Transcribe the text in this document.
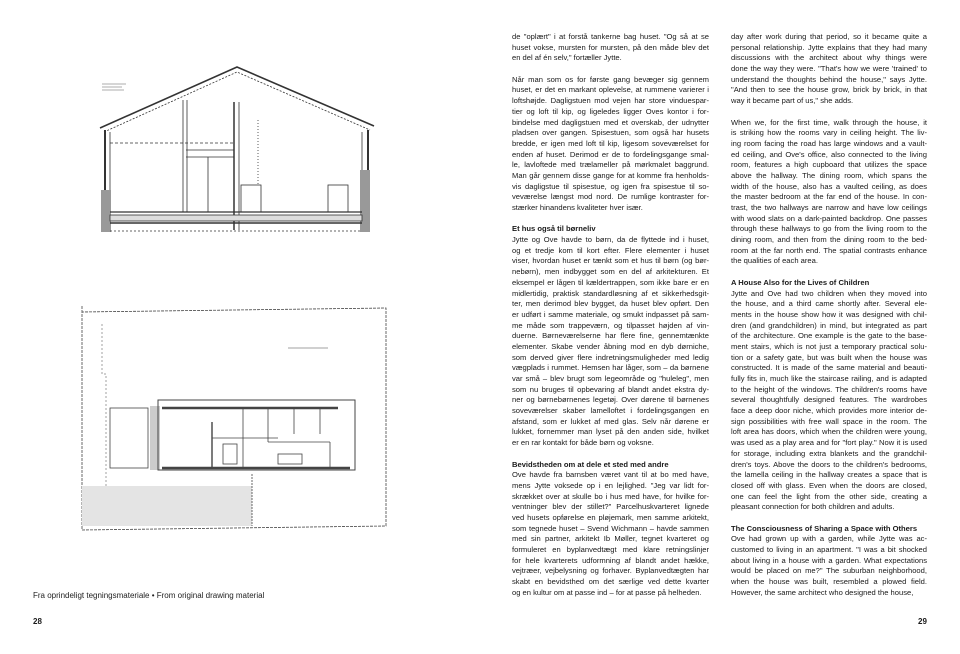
Fra oprindeligt tegningsmateriale • From original drawing material
28
de "oplært" i at forstå tankerne bag huset. "Og så at se
huset vokse, mursten for mursten, på den måde blev det
en del af én selv," fortæller Jytte.
Når man som os for første gang bevæger sig gennem
huset, er det en markant oplevelse, at rummene varierer i
loftshøjde. Dagligstuen mod vejen har store vinduespar-
tier og loft til kip, og ligeledes ligger Oves kontor i for-
bindelse med dagligstuen med et overskab, der udnytter
pladsen over gangen. Spisestuen, som også har husets
bredde, er igen med loft til kip, ligesom soveværelset for
enden af huset. Derimod er de to fordelingsgange smal-
le, lavloftede med trælameller på mørkmalet baggrund.
Man går gennem disse gange for at komme fra henholds-
vis dagligstue til spisestue, og igen fra spisestue til so-
veværelse længst mod nord. De rumlige kontraster for-
stærker hinandens kvaliteter hver især.
Et hus også til børneliv
Jytte og Ove havde to børn, da de flyttede ind i huset,
og et tredje kom til kort efter. Flere elementer i huset
viser, hvordan huset er tænkt som et hus til børn (og bør-
nebørn), men indbygget som en del af arkitekturen. Et
eksempel er lågen til kældertrappen, som ikke bare er en
midlertidig, praktisk standardløsning af et sikkerhedsgit-
ter, men derimod blev bygget, da huset blev opført. Den
er udført i samme materiale, og smukt indpasset på sam-
me måde som trappeværn, og tilpasset højden af vin-
duerne. Børneværelserne har flere fine, gennemtænkte
elementer. Skabe vender åbning mod en dyb dørniche,
som derved giver flere indretningsmuligheder med ledig
vægplads i rummet. Hemsen har låger, som – da børnene
var små – blev brugt som legeområde og "huleleg", men
som nu bruges til opbevaring af blandt andet ekstra dy-
ner og børnebørnenes legetøj. Over dørene til børnenes
soveværelser skaber lamelloftet i fordelingsgangen en
afstand, som er lukket af med glas. Selv når dørene er
lukket, fornemmer man lyset på den anden side, hvilket
er en rar kontakt for både børn og voksne.
Bevidstheden om at dele et sted med andre
Ove havde fra barnsben været vant til at bo med have,
mens Jytte voksede op i en lejlighed. "Jeg var lidt for-
skrækket over at skulle bo i hus med have, for hvilke for-
ventninger blev der stillet?" Parcelhuskvarteret lignede
ved husets opførelse en pløjemark, men samme arkitekt,
som tegnede huset – Svend Wichmann – havde sammen
med sin partner, arkitekt Ib Møller, tegnet kvarteret og
formuleret en byplanvedtægt med klare retningslinjer
for hele kvarterets udformning af blandt andet hække,
vejtræer, vejbelysning og forhaver. Byplanvedtægten har
skabt en bevidsthed om det særlige ved dette kvarter
og en kultur om at passe ind – for at passe på helheden.
day after work during that period, so it became quite a
personal relationship. Jytte explains that they had many
discussions with the architect about why things were
done the way they were. "That's how we were 'trained' to
understand the thoughts behind the house," says Jytte.
"And then to see the house grow, brick by brick, in that
way it became part of us," she adds.
When we, for the first time, walk through the house, it
is striking how the rooms vary in ceiling height. The liv-
ing room facing the road has large windows and a vault-
ed ceiling, and Ove's office, also connected to the living
room, features a high cupboard that utilizes the space
above the hallway. The dining room, which spans the
width of the house, also has a vaulted ceiling, as does
the master bedroom at the far end of the house. In con-
trast, the two hallways are narrow and have low ceilings
with wood slats on a dark-painted backdrop. One passes
through these hallways to go from the living room to the
dining room, and then from the dining room to the bed-
room at the far north end. The spatial contrasts enhance
the qualities of each area.
A House Also for the Lives of Children
Jytte and Ove had two children when they moved into
the house, and a third came shortly after. Several ele-
ments in the house show how it was designed with chil-
dren (and grandchildren) in mind, but integrated as part
of the architecture. One example is the gate to the base-
ment stairs, which is not just a temporary practical solu-
tion or a safety gate, but was built when the house was
constructed. It is made of the same material and beauti-
fully fits in, much like the staircase railing, and is adapted
to the height of the windows. The children's rooms have
several thoughtfully designed features. The wardrobes
face a deep door niche, which provides more interior de-
sign possibilities with free wall space in the room. The
loft area has doors, which when the children were young,
was used as a play area and for "fort play." Now it is used
for storage, including extra blankets and the grandchil-
dren's toys. Above the doors to the children's bedrooms,
the lamella ceiling in the hallway creates a space that is
closed off with glass. Even when the doors are closed,
one can feel the light from the other side, creating a
pleasant connection for both children and adults.
The Consciousness of Sharing a Space with Others
Ove had grown up with a garden, while Jytte was ac-
customed to living in an apartment. "I was a bit shocked
about living in a house with a garden. What expectations
would be placed on me?" The suburban neighborhood,
when the house was built, resembled a plowed field.
However, the same architect who designed the house,
29
